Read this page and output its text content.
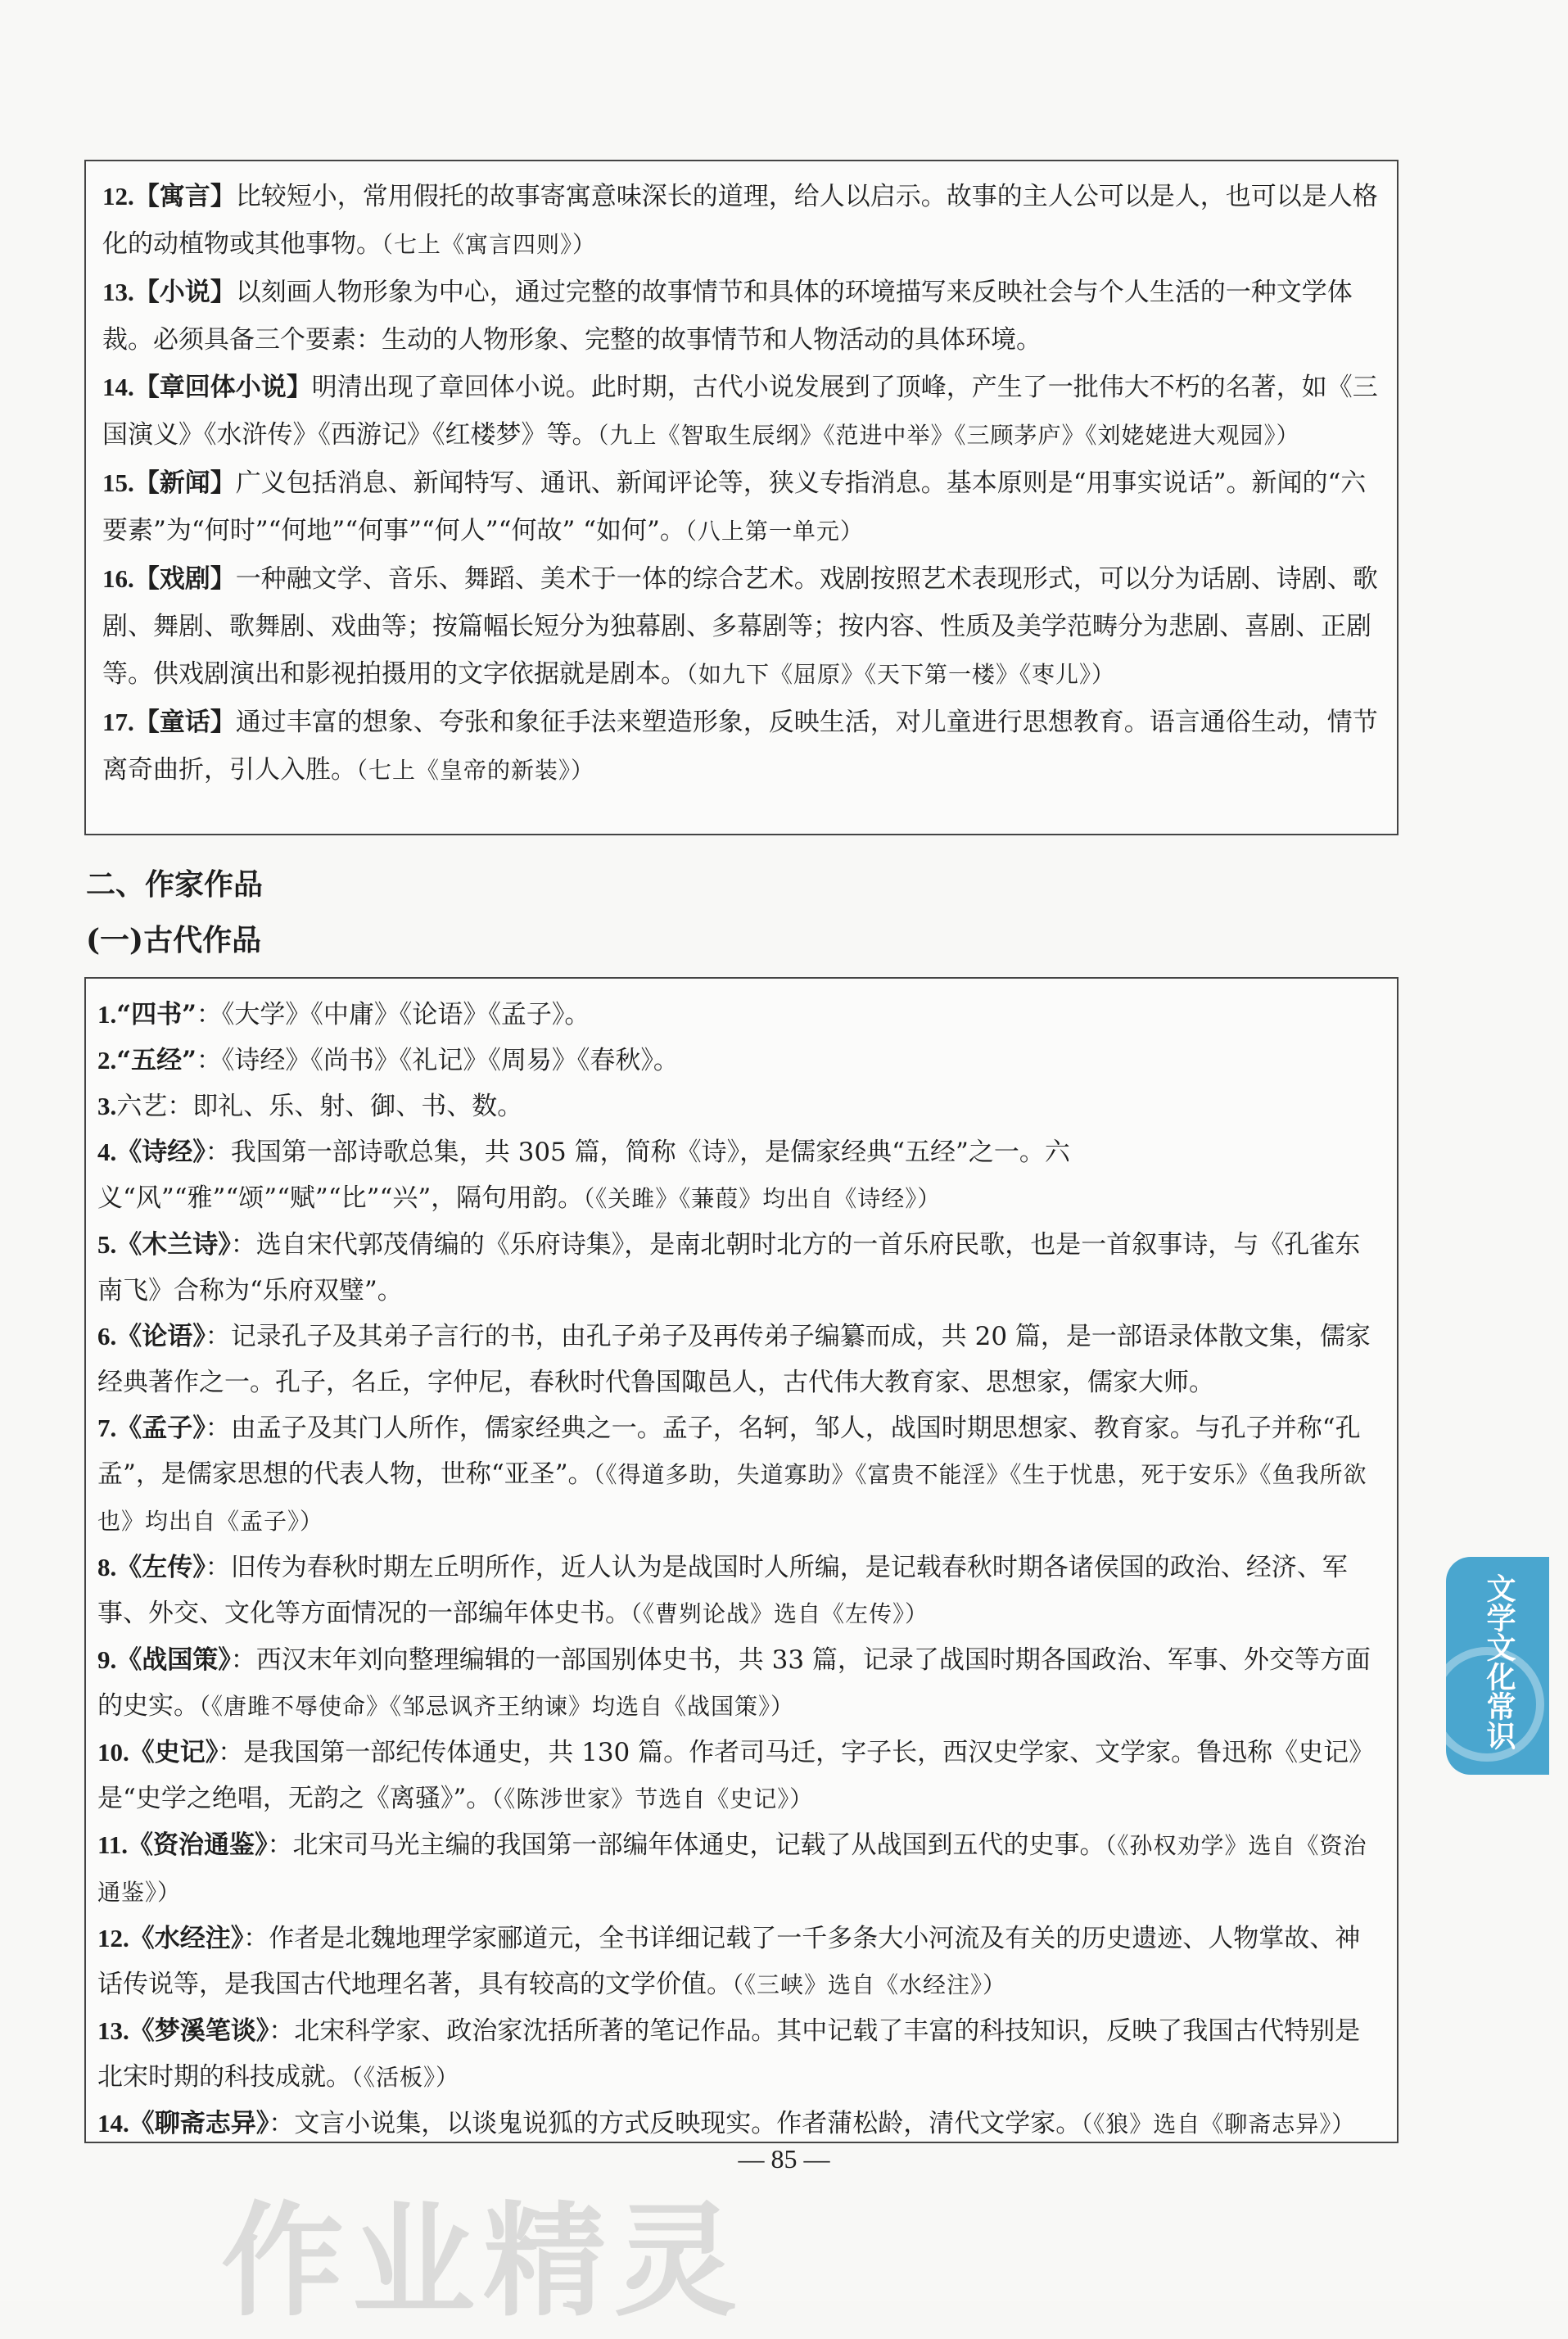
12.【寓言】比较短小，常用假托的故事寄寓意味深长的道理，给人以启示。故事的主人公可以是人，也可以是人格化的动植物或其他事物。（七上《寓言四则》）

13.【小说】以刻画人物形象为中心，通过完整的故事情节和具体的环境描写来反映社会与个人生活的一种文学体裁。必须具备三个要素：生动的人物形象、完整的故事情节和人物活动的具体环境。

14.【章回体小说】明清出现了章回体小说。此时期，古代小说发展到了顶峰，产生了一批伟大不朽的名著，如《三国演义》《水浒传》《西游记》《红楼梦》等。（九上《智取生辰纲》《范进中举》《三顾茅庐》《刘姥姥进大观园》）

15.【新闻】广义包括消息、新闻特写、通讯、新闻评论等，狭义专指消息。基本原则是“用事实说话”。新闻的“六要素”为“何时”“何地”“何事”“何人”“何故” “如何”。（八上第一单元）

16.【戏剧】一种融文学、音乐、舞蹈、美术于一体的综合艺术。戏剧按照艺术表现形式，可以分为话剧、诗剧、歌剧、舞剧、歌舞剧、戏曲等；按篇幅长短分为独幕剧、多幕剧等；按内容、性质及美学范畴分为悲剧、喜剧、正剧等。供戏剧演出和影视拍摄用的文字依据就是剧本。（如九下《屈原》《天下第一楼》《枣儿》）

17.【童话】通过丰富的想象、夸张和象征手法来塑造形象，反映生活，对儿童进行思想教育。语言通俗生动，情节离奇曲折，引人入胜。（七上《皇帝的新装》）

二、作家作品
(一)古代作品

1.“四书”：《大学》《中庸》《论语》《孟子》。

2.“五经”：《诗经》《尚书》《礼记》《周易》《春秋》。

3.六艺：即礼、乐、射、御、书、数。

4.《诗经》：我国第一部诗歌总集，共 305 篇，简称《诗》，是儒家经典“五经”之一。六义“风”“雅”“颂”“赋”“比”“兴”，隔句用韵。（《关雎》《蒹葭》均出自《诗经》）

5.《木兰诗》：选自宋代郭茂倩编的《乐府诗集》，是南北朝时北方的一首乐府民歌，也是一首叙事诗，与《孔雀东南飞》合称为“乐府双璧”。

6.《论语》：记录孔子及其弟子言行的书，由孔子弟子及再传弟子编纂而成，共 20 篇，是一部语录体散文集，儒家经典著作之一。孔子，名丘，字仲尼，春秋时代鲁国陬邑人，古代伟大教育家、思想家，儒家大师。

7.《孟子》：由孟子及其门人所作，儒家经典之一。孟子，名轲，邹人，战国时期思想家、教育家。与孔子并称“孔孟”，是儒家思想的代表人物，世称“亚圣”。（《得道多助，失道寡助》《富贵不能淫》《生于忧患，死于安乐》《鱼我所欲也》均出自《孟子》）

8.《左传》：旧传为春秋时期左丘明所作，近人认为是战国时人所编，是记载春秋时期各诸侯国的政治、经济、军事、外交、文化等方面情况的一部编年体史书。（《曹刿论战》选自《左传》）

9.《战国策》：西汉末年刘向整理编辑的一部国别体史书，共 33 篇，记录了战国时期各国政治、军事、外交等方面的史实。（《唐雎不辱使命》《邹忌讽齐王纳谏》均选自《战国策》）

10.《史记》：是我国第一部纪传体通史，共 130 篇。作者司马迁，字子长，西汉史学家、文学家。鲁迅称《史记》是“史学之绝唱，无韵之《离骚》”。（《陈涉世家》节选自《史记》）

11.《资治通鉴》：北宋司马光主编的我国第一部编年体通史，记载了从战国到五代的史事。（《孙权劝学》选自《资治通鉴》）

12.《水经注》：作者是北魏地理学家郦道元，全书详细记载了一千多条大小河流及有关的历史遗迹、人物掌故、神话传说等，是我国古代地理名著，具有较高的文学价值。（《三峡》选自《水经注》）

13.《梦溪笔谈》：北宋科学家、政治家沈括所著的笔记作品。其中记载了丰富的科技知识，反映了我国古代特别是北宋时期的科技成就。（《活板》）

14.《聊斋志异》：文言小说集，以谈鬼说狐的方式反映现实。作者蒲松龄，清代文学家。（《狼》选自《聊斋志异》）

— 85 —
文学文化常识
作业精灵
